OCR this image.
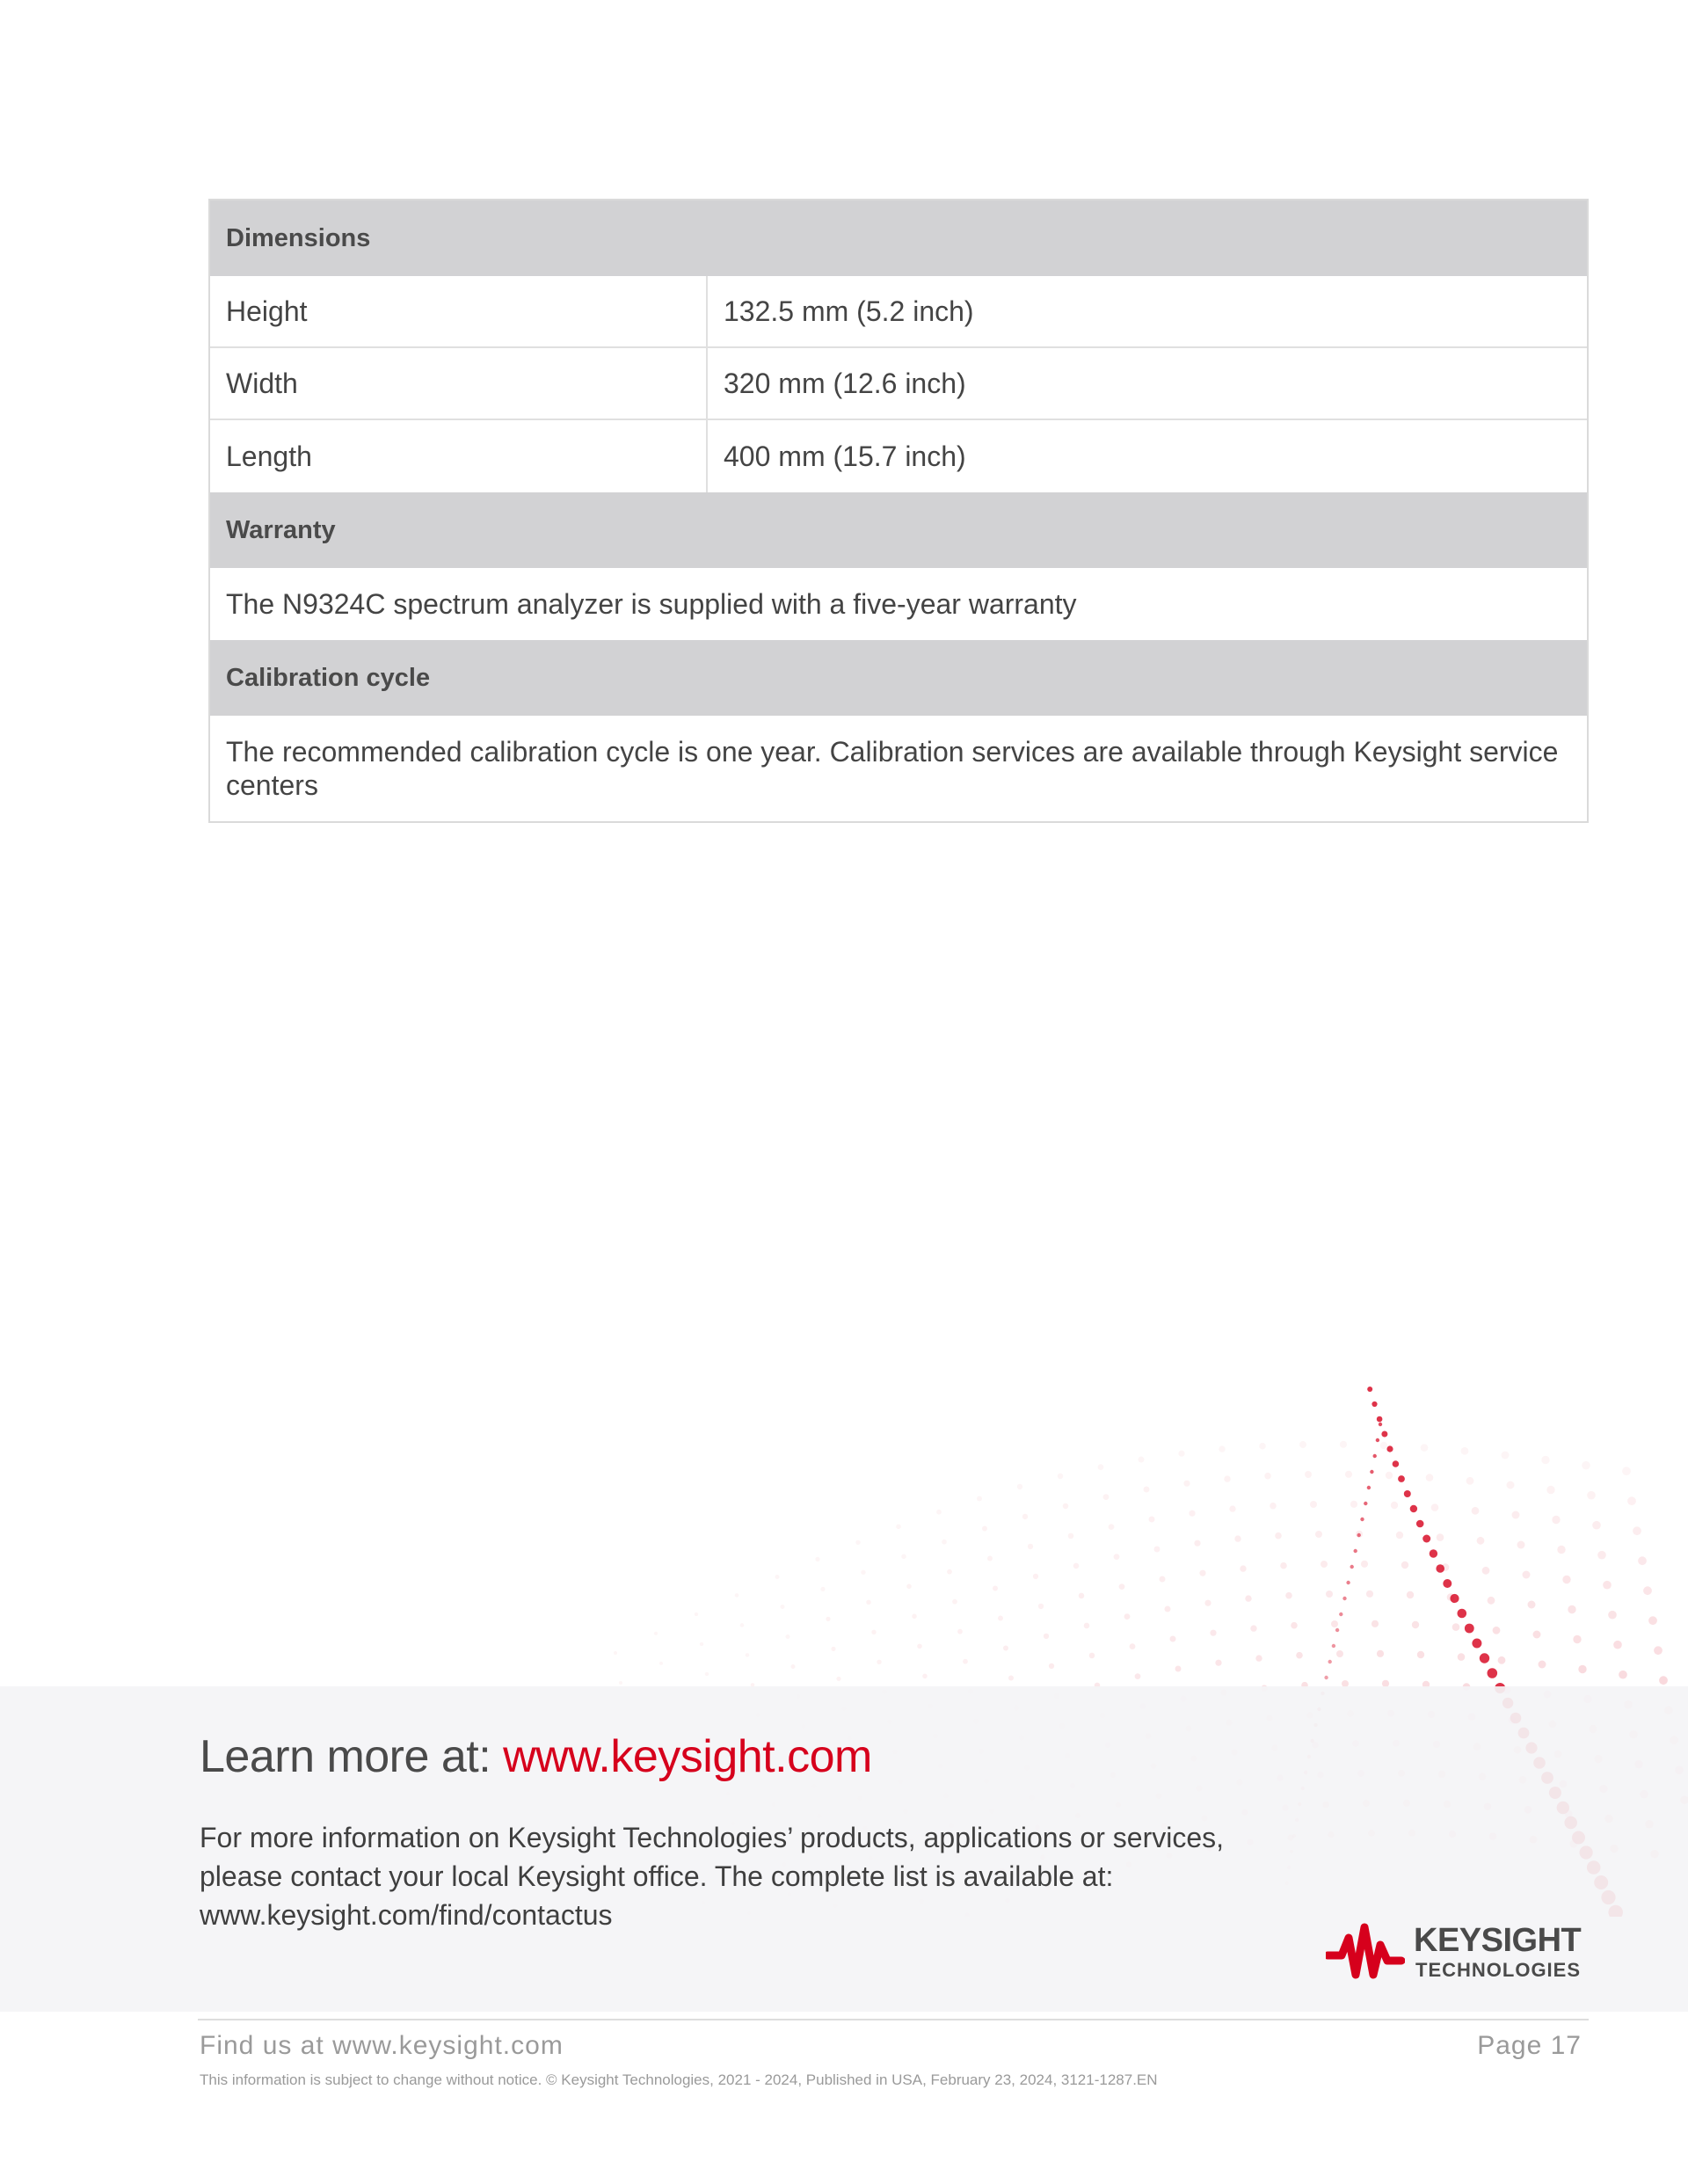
Dimensions
Height	132.5 mm (5.2 inch)
Width	320 mm (12.6 inch)
Length	400 mm (15.7 inch)
Warranty
The N9324C spectrum analyzer is supplied with a five-year warranty
Calibration cycle
The recommended calibration cycle is one year. Calibration services are available through Keysight service
centers
Learn more at: www.keysight.com
For more information on Keysight Technologies’ products, applications or services,
please contact your local Keysight office. The complete list is available at:
www.keysight.com/find/contactus
KEYSIGHT
TECHNOLOGIES
Find us at www.keysight.com	Page 17
This information is subject to change without notice. © Keysight Technologies, 2021 - 2024, Published in USA, February 23, 2024, 3121-1287.EN
